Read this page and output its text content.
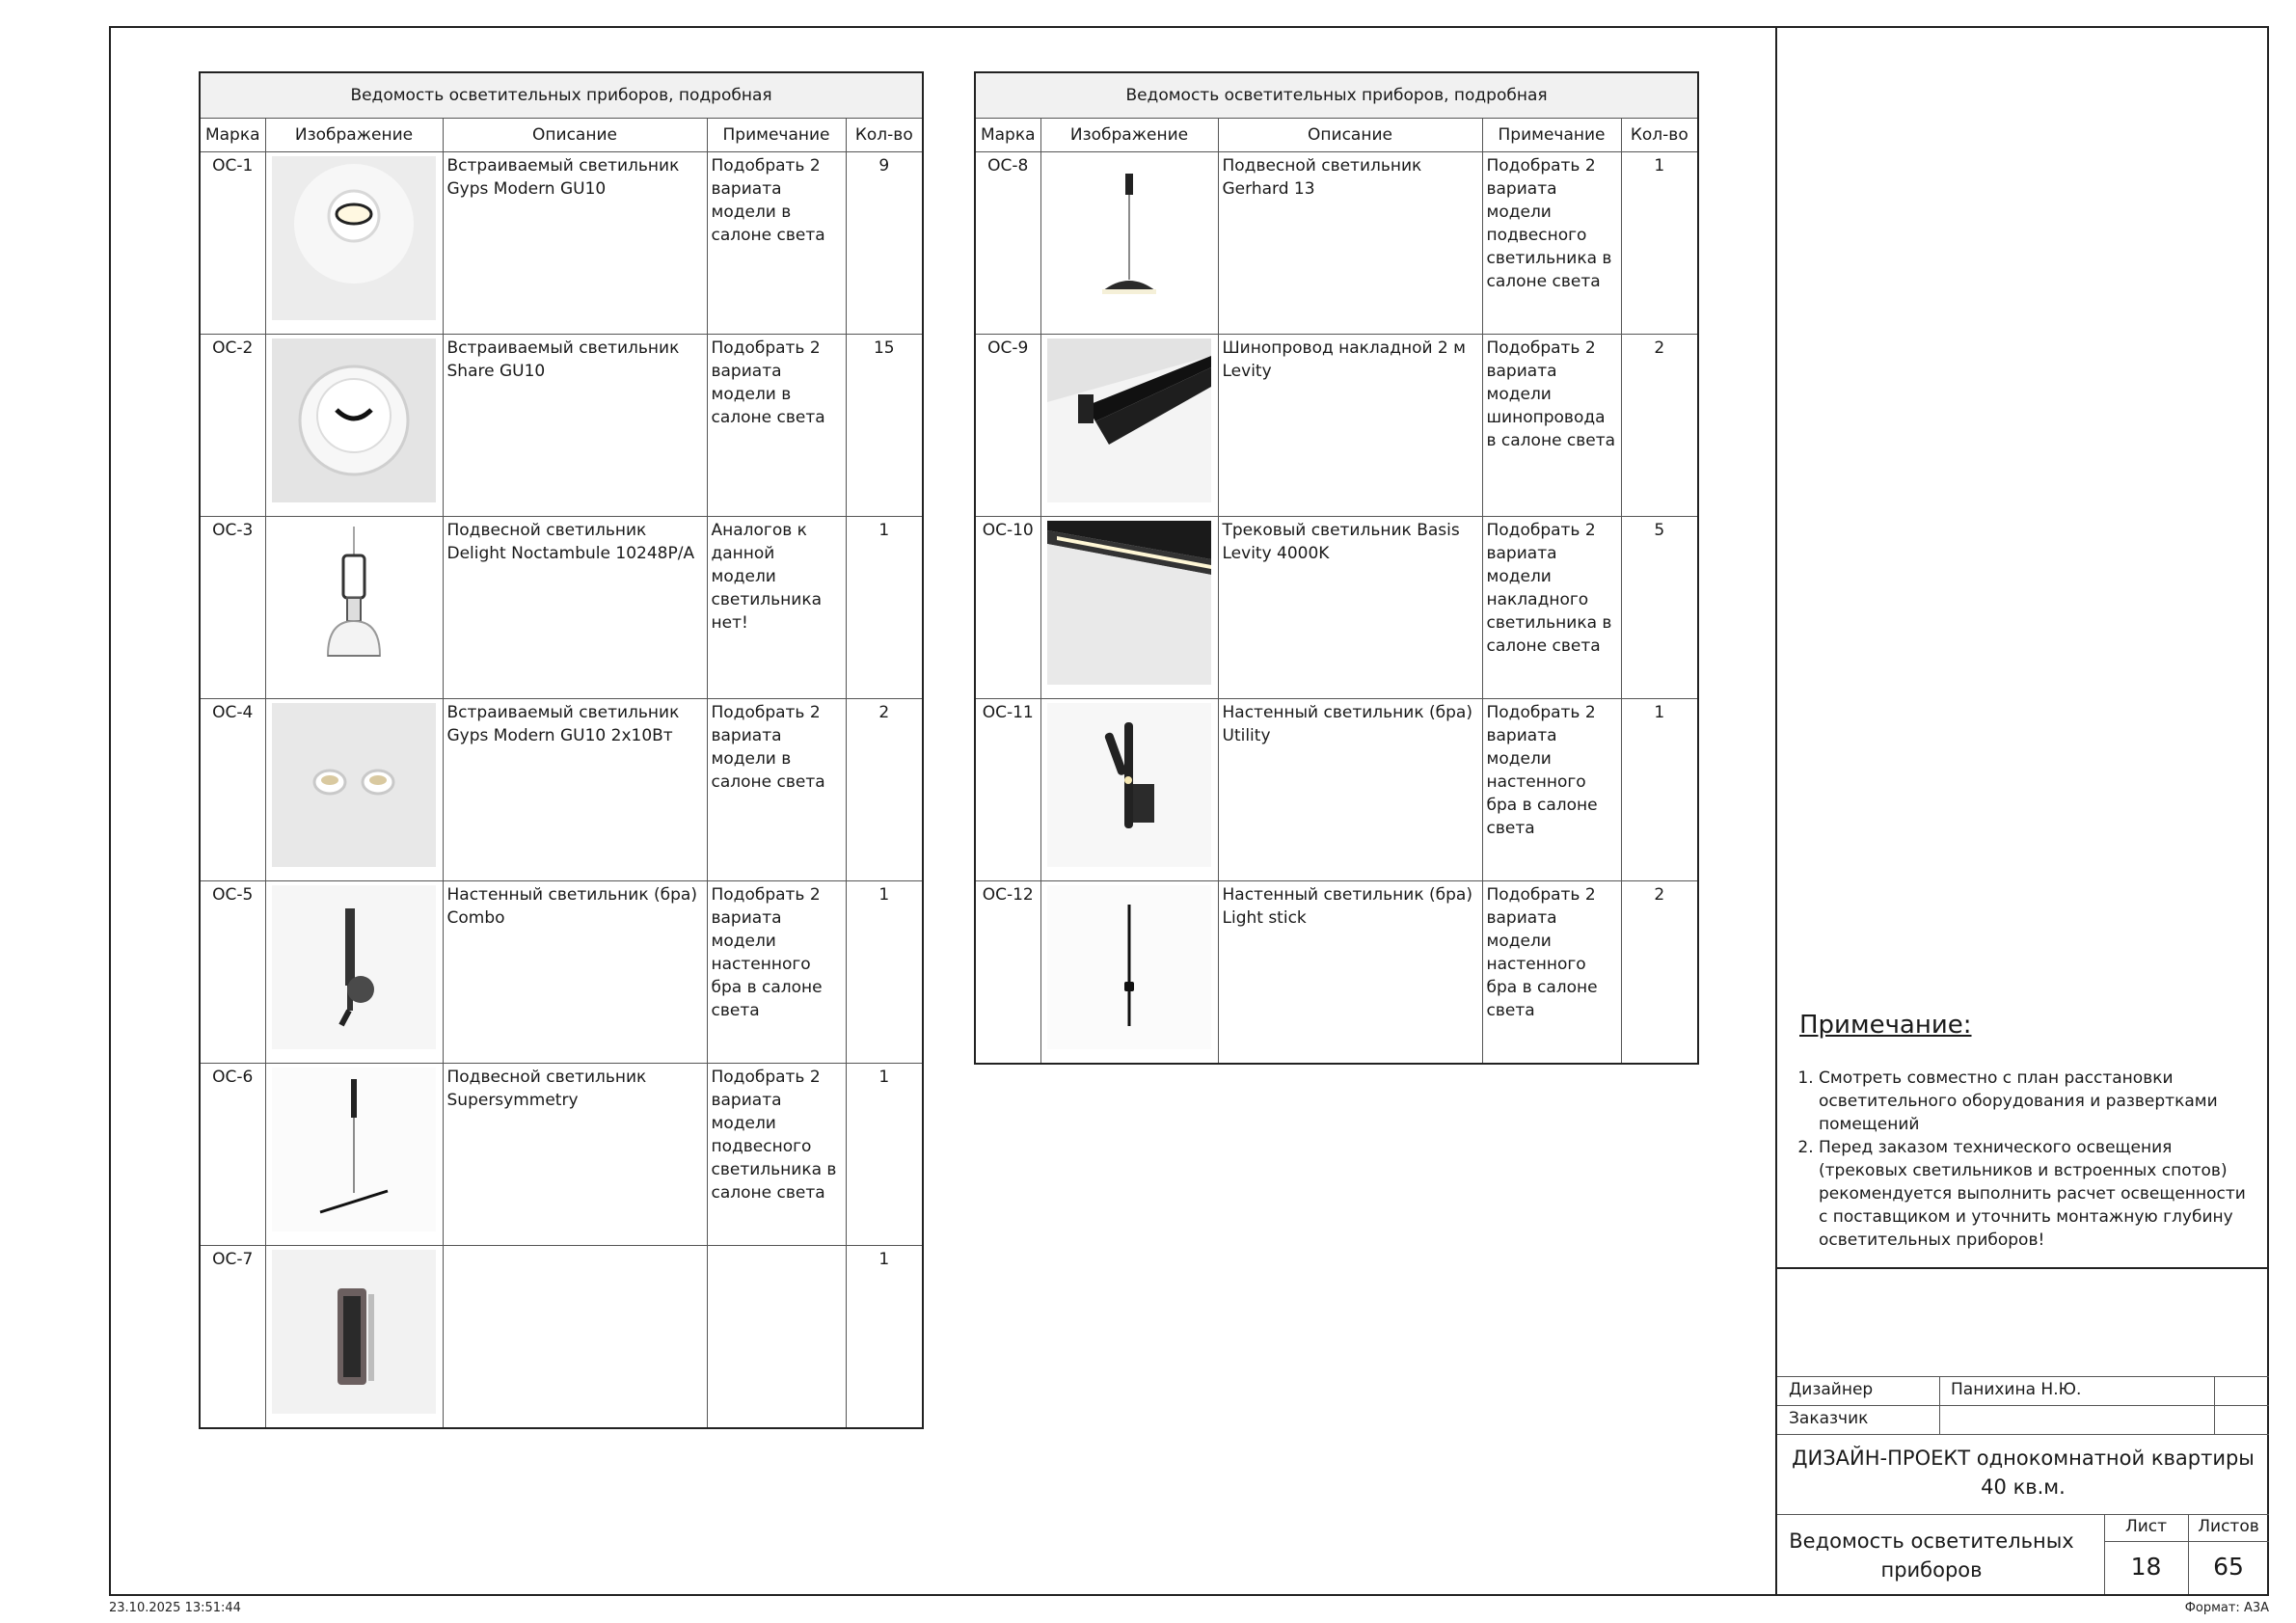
Ведомость осветительных приборов, подробная				
Марка	Изображение	Описание	Примечание	Кол-во
ОС-1		Встраиваемый светильник Gyps Modern GU10	Подобрать 2 вариата модели в салоне света	9
ОС-2		Встраиваемый светильник Share GU10	Подобрать 2 вариата модели в салоне света	15
ОС-3		Подвесной светильник Delight Noctambule 10248P/A	Аналогов к данной модели светильника нет!	1
ОС-4		Встраиваемый светильник Gyps Modern GU10 2x10Вт	Подобрать 2 вариата модели в салоне света	2
ОС-5		Настенный светильник (бра) Combo	Подобрать 2 вариата модели настенного бра в салоне света	1
ОС-6		Подвесной светильник Supersymmetry	Подобрать 2 вариата модели подвесного светильника в салоне света	1
ОС-7				1
Ведомость осветительных приборов, подробная				
Марка	Изображение	Описание	Примечание	Кол-во
ОС-8		Подвесной светильник Gerhard 13	Подобрать 2 вариата модели подвесного светильника в салоне света	1
ОС-9		Шинопровод накладной 2 м Levity	Подобрать 2 вариата модели шинопровода в салоне света	2
ОС-10		Трековый светильник Basis Levity 4000K	Подобрать 2 вариата модели накладного светильника в салоне света	5
ОС-11		Настенный светильник (бра) Utility	Подобрать 2 вариата модели настенного бра в салоне света	1
ОС-12		Настенный светильник (бра) Light stick	Подобрать 2 вариата модели настенного бра в салоне света	2
Примечание:
1. Смотреть совместно с план расстановки осветительного оборудования и развертками помещений
2. Перед заказом технического освещения (трековых светильников и встроенных спотов) рекомендуется выполнить расчет освещенности с поставщиком и уточнить монтажную глубину осветительных приборов!
Дизайнер	Панихина Н.Ю.
Заказчик
ДИЗАЙН-ПРОЕКТ однокомнатной квартиры 40 кв.м.
Ведомость осветительных приборов
Лист	Листов
18	65
23.10.2025 13:51:44	Формат: А3А
